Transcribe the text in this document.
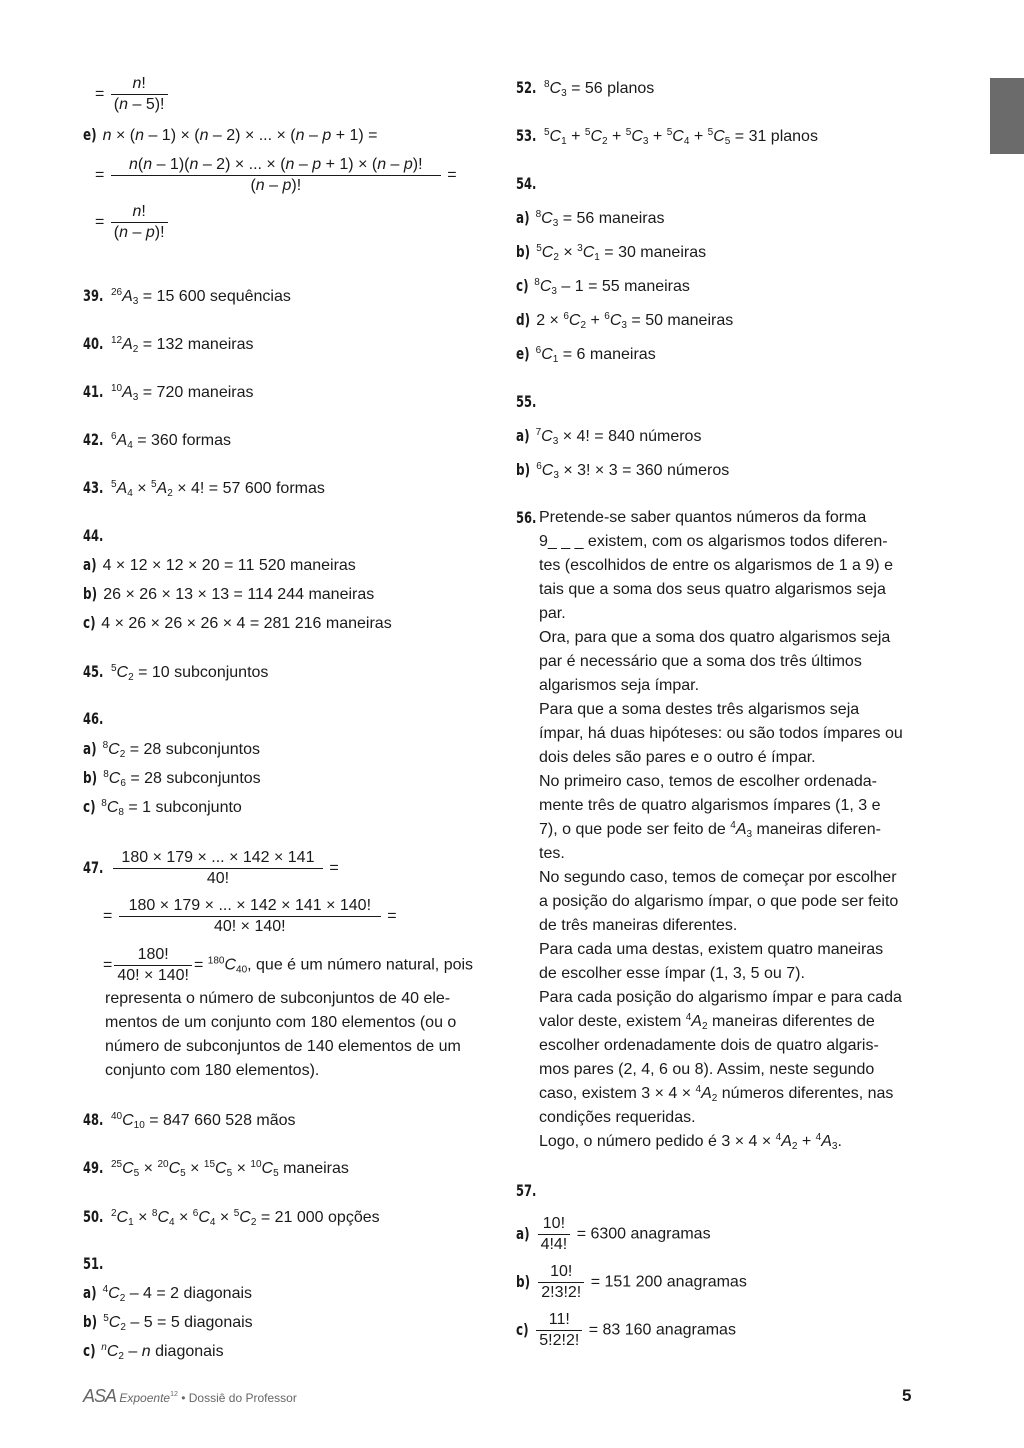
= $\frac{n!}{(n - 5)!}$
e) n × (n – 1) × (n – 2) × ... × (n – p + 1) =
= $\frac{n(n - 1)(n - 2) \times ... \times (n - p + 1) \times (n - p)!}{(n - p)!}$ =
= $\frac{n!}{(n - p)!}$
39. $^{26}A_3 = 15$ 600 sequências
40. $^{12}A_2 = 132$ maneiras
41. $^{10}A_3 = 720$ maneiras
42. $^6A_4 = 360$ formas
43. $^5A_4 \times ^5A_2 \times 4$! = 57 600 formas
44.
a) 4 × 12 × 12 × 20 = 11 520 maneiras
b) 26 × 26 × 13 × 13 = 114 244 maneiras
c) 4 × 26 × 26 × 26 × 4 = 281 216 maneiras
45. $^5C_2 = 10$ subconjuntos
46.
a) $^8C_2 = 28$ subconjuntos
b) $^8C_6 = 28$ subconjuntos
c) $^8C_8 = 1$ subconjunto
47. $\frac{180 \times 179 \times ... \times 142 \times 141}{40!}$ =
= $\frac{180 \times 179 \times ... \times 142 \times 141 \times 140!}{40! \times 140!}$ =
= $\frac{180!}{40! \times 140!} = ^{180}C_{40}$, que é um número natural, pois
representa o número de subconjuntos de 40 ele-
mentos de um conjunto com 180 elementos (ou o
número de subconjuntos de 140 elementos de um
conjunto com 180 elementos).
48. $^{40}C_{10} = 847$ 660 528 mãos
49. $^{25}C_5 \times ^{20}C_5 \times ^{15}C_5 \times ^{10}C_5$ maneiras
50. $^2C_1 \times ^8C_4 \times ^6C_4 \times ^5C_2 = 21$ 000 opções
51.
a) $^4C_2 - 4 = 2$ diagonais
b) $^5C_2 - 5 = 5$ diagonais
c) $^nC_2$ – n diagonais
52. $^8C_3 = 56$ planos
53. $^5C_1 + ^5C_2 + ^5C_3 + ^5C_4 + ^5C_5 = 31$ planos
54.
a) $^8C_3 = 56$ maneiras
b) $^5C_2 \times ^3C_1 = 30$ maneiras
c) $^8C_3 - 1 = 55$ maneiras
d) $2 \times ^6C_2 + ^6C_3 = 50$ maneiras
e) $^6C_1 = 6$ maneiras
55.
a) $^7C_3 \times 4$! = 840 números
b) $^6C_3 \times 3$! × 3 = 360 números
56. Pretende-se saber quantos números da forma
9_ _ _ existem, com os algarismos todos diferen-
tes (escolhidos de entre os algarismos de 1 a 9) e
tais que a soma dos seus quatro algarismos seja
par.
Ora, para que a soma dos quatro algarismos seja
par é necessário que a soma dos três últimos
algarismos seja ímpar.
Para que a soma destes três algarismos seja
ímpar, há duas hipóteses: ou são todos ímpares ou
dois deles são pares e o outro é ímpar.
No primeiro caso, temos de escolher ordenada-
mente três de quatro algarismos ímpares (1, 3 e
7), o que pode ser feito de $^4A_3$ maneiras diferen-
tes.
No segundo caso, temos de começar por escolher
a posição do algarismo ímpar, o que pode ser feito
de três maneiras diferentes.
Para cada uma destas, existem quatro maneiras
de escolher esse ímpar (1, 3, 5 ou 7).
Para cada posição do algarismo ímpar e para cada
valor deste, existem $^4A_2$ maneiras diferentes de
escolher ordenadamente dois de quatro algaris-
mos pares (2, 4, 6 ou 8). Assim, neste segundo
caso, existem $3 \times 4 \times ^4A_2$ números diferentes, nas
condições requeridas.
Logo, o número pedido é $3 \times 4 \times ^4A_2 + ^4A_3$.
57.
$a) \frac{10!}{4!4!} = 6300$ anagramas
$b) \frac{10!}{2!3!2!} = 151$ 200 anagramas
$c) \frac{11!}{5!2!2!} = 83$ 160 anagramas
ASA Expoente$^{12}$ • Dossiê do Professor	5
